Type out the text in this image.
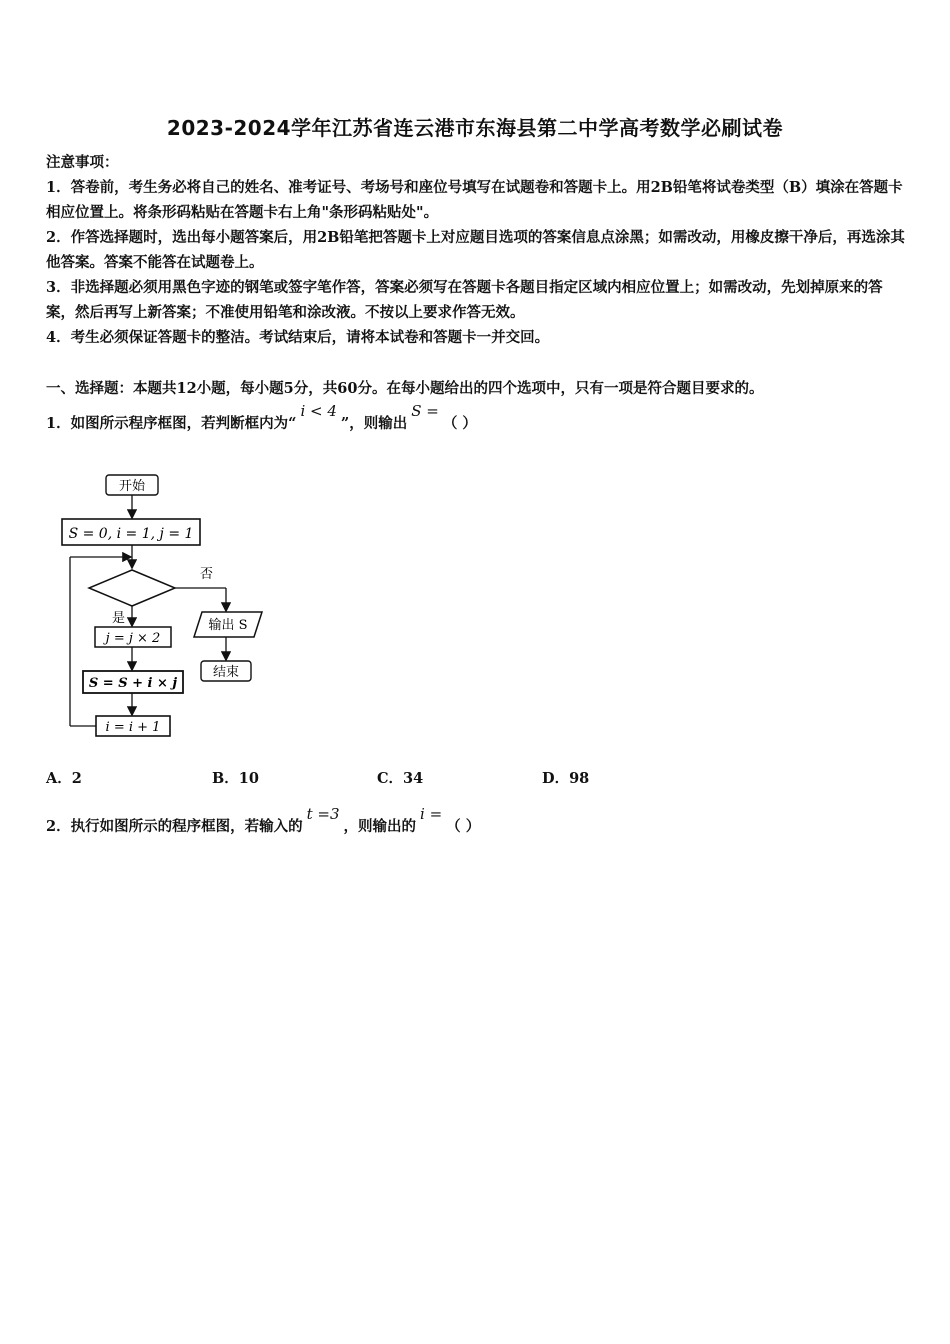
2023-2024学年江苏省连云港市东海县第二中学高考数学必刷试卷
注意事项：
1．答卷前，考生务必将自己的姓名、准考证号、考场号和座位号填写在试题卷和答题卡上。用2B铅笔将试卷类型（B）填涂在答题卡相应位置上。将条形码粘贴在答题卡右上角"条形码粘贴处"。
2．作答选择题时，选出每小题答案后，用2B铅笔把答题卡上对应题目选项的答案信息点涂黑；如需改动，用橡皮擦干净后，再选涂其他答案。答案不能答在试题卷上。
3．非选择题必须用黑色字迹的钢笔或签字笔作答，答案必须写在答题卡各题目指定区域内相应位置上；如需改动，先划掉原来的答案，然后再写上新答案；不准使用铅笔和涂改液。不按以上要求作答无效。
4．考生必须保证答题卡的整洁。考试结束后，请将本试卷和答题卡一并交回。
一、选择题：本题共12小题，每小题5分，共60分。在每小题给出的四个选项中，只有一项是符合题目要求的。
1．如图所示程序框图，若判断框内为“i < 4”，则输出S =（ ）
开始
S = 0, i = 1, j = 1
否
输出 S
结束
是
j = j × 2
S = S + i × j
i = i + 1
A．2	B．10	C．34	D．98
2．执行如图所示的程序框图，若输入的t =3，则输出的i =（ ）
